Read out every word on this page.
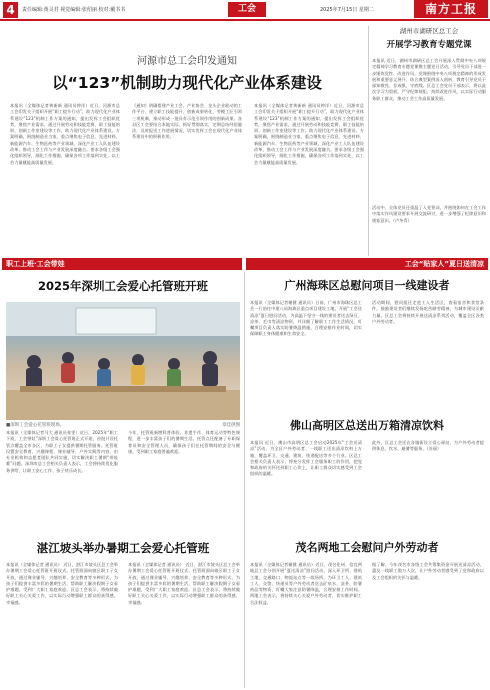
4	责任编辑:黄灵君 视觉编辑:张绍丽 校对:戴书书	工会	2025年7月15日 星期二	南方工报
河源市总工会印发通知
以“123”机制助力现代化产业体系建设
本报讯（全媒体记者黄新新 通讯员钟洋）近日，河源市总工会印发关于组织开展“职工提升行动”，助力现代化产业体系建设“123”机制工作方案的通知，提出发挥工会组织优势，聚焦产业需求，通过开展劳动和技能竞赛、职工技能培训、创新工作室建设等工作，助力现代化产业体系建设。方案明确，围绕制造业当家，重点聚焦电子信息、先进材料、新能源汽车、生物医药等产业领域，深化产业工人队伍建设改革，推动工会工作与产业发展深度融合。要求各级工会强化组织领导，细化工作措施，确保各项工作落到实处，以工会力量赋能高质量发展。
《通知》明确搭建产业工会、产业协会、龙头企业联动的工作平台，建立职工技能提升、创新成果转化、劳模工匠引领三项机制，推动形成一批具有示范引领作用的创新成果。各县区工会要结合本地实际，抓好贯彻落实，定期总结经验做法，及时报送工作进展情况，切实发挥工会在现代化产业体系建设中的积极作用。
本报讯（全媒体记者黄新新 通讯员钟洋）近日，河源市总工会印发关于组织开展“职工提升行动”，助力现代化产业体系建设“123”机制工作方案的通知，提出发挥工会组织优势，聚焦产业需求，通过开展劳动和技能竞赛、职工技能培训、创新工作室建设等工作，助力现代化产业体系建设。方案明确，围绕制造业当家，重点聚焦电子信息、先进材料、新能源汽车、生物医药等产业领域，深化产业工人队伍建设改革，推动工会工作与产业发展深度融合。要求各级工会强化组织领导，细化工作措施，确保各项工作落到实处，以工会力量赋能高质量发展。
湖州市湖研区总工会
开展学习教育专题党课
本报讯 近日，湖州市湖研区总工会开展深入贯彻中央八项规定精神学习教育专题党课暨主题党日活动，引导党员干部进一步锤炼党性、改进作风。党课围绕中央八项规定精神的形成发展和重要意义展开，结合典型案例深入剖析，教育引导党员干部知敬畏、存戒惧、守底线。区总工会党员干部表示，将以此次学习为契机，严守纪律规矩，持续改进作风，以实际行动服务职工群众，推动工会工作高质量发展。
活动中，全体党员还重温了入党誓词，并围绕如何在工会工作中落实作风建设要求开展交流研讨，进一步增强了纪律意识和规矩意识。（卢冬青）
职工上班·工会带娃	工会“贴家人”夏日送清凉
2025年深圳工会爱心托管班开班
■深圳工会爱心托管班现场。	章佳供图
本报讯（全媒体记者马大 通讯员张雯）近日，2025年“职工下班，工会带娃”深圳工会爱心托管班正式开班，首批开设托管点覆盖全市各区，为职工子女提供暑期托管服务。托管班设置安全教育、兴趣课程、课业辅导、户外实践等内容，由专业机构和志愿者团队共同实施，切实解决职工暑期“带娃难”问题。深圳市总工会相关负责人表示，工会将持续优化服务供给，让职工安心工作、孩子快乐成长。
今年，托管班新增科普体验、非遗手作、体育运动等特色课程，进一步丰富孩子们的暑期生活。托管点还配备了专职保育员和安全管理人员，确保孩子们在托管期间的安全与健康，受到职工家庭普遍欢迎。
湛江坡头举办暑期工会爱心托管班
本报讯（全媒体记者 通讯员） 近日，湛江市坡头区总工会举办暑期工会爱心托管班开班仪式。托管班面向辖区职工子女开放，通过课业辅导、兴趣培养、安全教育等多种形式，为孩子们提供丰富多彩的暑期生活，帮助职工解决假期子女看护难题，受到广大职工家庭欢迎。区总工会表示，将持续做好职工关心关爱工作，以实际行动增强职工群众的获得感、幸福感。
本报讯（全媒体记者 通讯员） 近日，湛江市坡头区总工会举办暑期工会爱心托管班开班仪式。托管班面向辖区职工子女开放，通过课业辅导、兴趣培养、安全教育等多种形式，为孩子们提供丰富多彩的暑期生活，帮助职工解决假期子女看护难题，受到广大职工家庭欢迎。区总工会表示，将持续做好职工关心关爱工作，以实际行动增强职工群众的获得感、幸福感。
广州海珠区总慰问项目一线建设者
本报讯（全媒体记者谢健 通讯员）日前，广州市海珠区总工会一行前往中建八局海珠区重点项目建设工地，开展“工会送清凉”夏日慰问活动，为高温下坚守一线的建设者送去绿豆、凉茶、毛巾等清凉物资，并详细了解职工工作生活情况，叮嘱项目负责人落实防暑降温措施，合理安排作业时间，切实保障职工身体健康和生命安全。
活动期间，慰问组还走进工人生活区，查看宿舍和食堂条件，鼓励建设者们继续发扬吃苦耐劳精神，为城市建设贡献力量。区总工会将持续开展送清凉系列活动，覆盖全区各类户外劳动者。
佛山高明区总送出万箱清凉饮料
本报讯 近日，佛山市高明区总工会启动2025年“工会送清凉”活动，为全区户外劳动者、一线职工送出清凉饮料上万箱，覆盖环卫、交通、建筑、快递配送等多个行业。区总工会相关负责人表示，将充分发挥工会服务职工的作用，把党和政府的关怀送到职工心坎上，让职工群众切实感受到工会组织的温暖。
此外，区总工会还在各镇街设立爱心驿站，为户外劳动者提供休息、饮水、避暑等服务。（苏丽）
茂名两地工会慰问户外劳动者
本报讯（全媒体记者谢健 通讯员）近日，茂名化州、信宜两地总工会分别开展“夏送清凉”慰问活动，深入环卫所、建筑工地、交通路口、物流站点等一线场所，为环卫工人、建筑工人、交警、快递员等户外劳动者送去矿泉水、凉茶、防暑药品等物资，叮嘱大家注意防暑降温，合理安排工作时间。两地工会表示，将持续关心关爱户外劳动者，切实维护职工合法权益。
据了解，今年茂名市各级工会共筹集资金开展送清凉活动，惠及一线职工数万人次，让户外劳动者感受到了党和政府以及工会组织的关怀与温暖。
